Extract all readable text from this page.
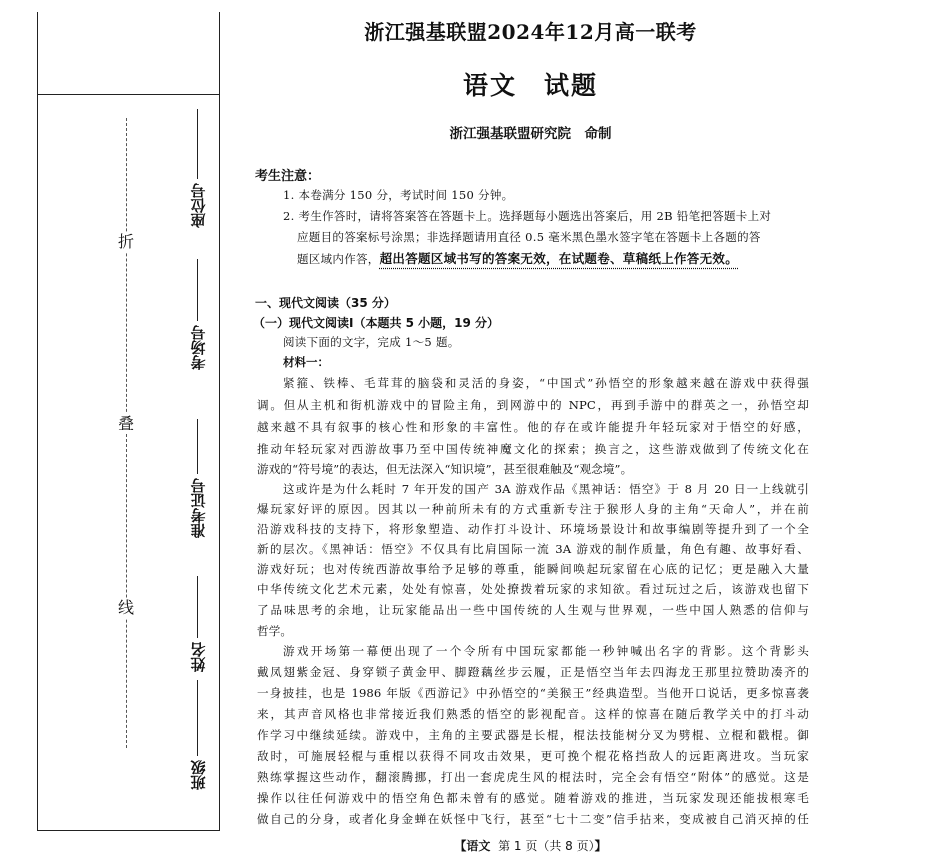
折
叠
线
座位号
考场号
准考证号
姓名
班级
浙江强基联盟2024年12月高一联考
语文　试题
浙江强基联盟研究院　命制
考生注意：
1. 本卷满分 150 分，考试时间 150 分钟。
2. 考生作答时，请将答案答在答题卡上。选择题每小题选出答案后，用 2B 铅笔把答题卡上对
应题目的答案标号涂黑；非选择题请用直径 0.5 毫米黑色墨水签字笔在答题卡上各题的答
题区域内作答，超出答题区域书写的答案无效，在试题卷、草稿纸上作答无效。
一、现代文阅读（35 分）
（一）现代文阅读Ⅰ（本题共 5 小题，19 分）
阅读下面的文字，完成 1～5 题。
材料一：
紧箍、铁棒、毛茸茸的脑袋和灵活的身姿，“中国式”孙悟空的形象越来越在游戏中获得强
调。但从主机和街机游戏中的冒险主角，到网游中的 NPC，再到手游中的群英之一，孙悟空却
越来越不具有叙事的核心性和形象的丰富性。他的存在或许能提升年轻玩家对于悟空的好感，
推动年轻玩家对西游故事乃至中国传统神魔文化的探索；换言之，这些游戏做到了传统文化在
游戏的“符号境”的表达，但无法深入“知识境”，甚至很难触及“观念境”。
这或许是为什么耗时 7 年开发的国产 3A 游戏作品《黑神话：悟空》于 8 月 20 日一上线就引
爆玩家好评的原因。因其以一种前所未有的方式重新专注于猴形人身的主角“天命人”，并在前
沿游戏科技的支持下，将形象塑造、动作打斗设计、环境场景设计和故事编剧等提升到了一个全
新的层次。《黑神话：悟空》不仅具有比肩国际一流 3A 游戏的制作质量，角色有趣、故事好看、
游戏好玩；也对传统西游故事给予足够的尊重，能瞬间唤起玩家留在心底的记忆；更是融入大量
中华传统文化艺术元素，处处有惊喜，处处撩拨着玩家的求知欲。看过玩过之后，该游戏也留下
了品味思考的余地，让玩家能品出一些中国传统的人生观与世界观，一些中国人熟悉的信仰与
哲学。
游戏开场第一幕便出现了一个令所有中国玩家都能一秒钟喊出名字的背影。这个背影头
戴凤翅紫金冠、身穿锁子黄金甲、脚蹬藕丝步云履，正是悟空当年去四海龙王那里拉赞助凑齐的
一身披挂，也是 1986 年版《西游记》中孙悟空的“美猴王”经典造型。当他开口说话，更多惊喜袭
来，其声音风格也非常接近我们熟悉的悟空的影视配音。这样的惊喜在随后教学关中的打斗动
作学习中继续延续。游戏中，主角的主要武器是长棍，棍法技能树分叉为劈棍、立棍和戳棍。御
敌时，可施展轻棍与重棍以获得不同攻击效果，更可挽个棍花格挡敌人的远距离进攻。当玩家
熟练掌握这些动作，翻滚腾挪，打出一套虎虎生风的棍法时，完全会有悟空“附体”的感觉。这是
操作以往任何游戏中的悟空角色都未曾有的感觉。随着游戏的推进，当玩家发现还能拔根寒毛
做自己的分身，或者化身金蝉在妖怪中飞行，甚至“七十二变”信手拈来，变成被自己消灭掉的任
【语文 第 1 页（共 8 页）】
